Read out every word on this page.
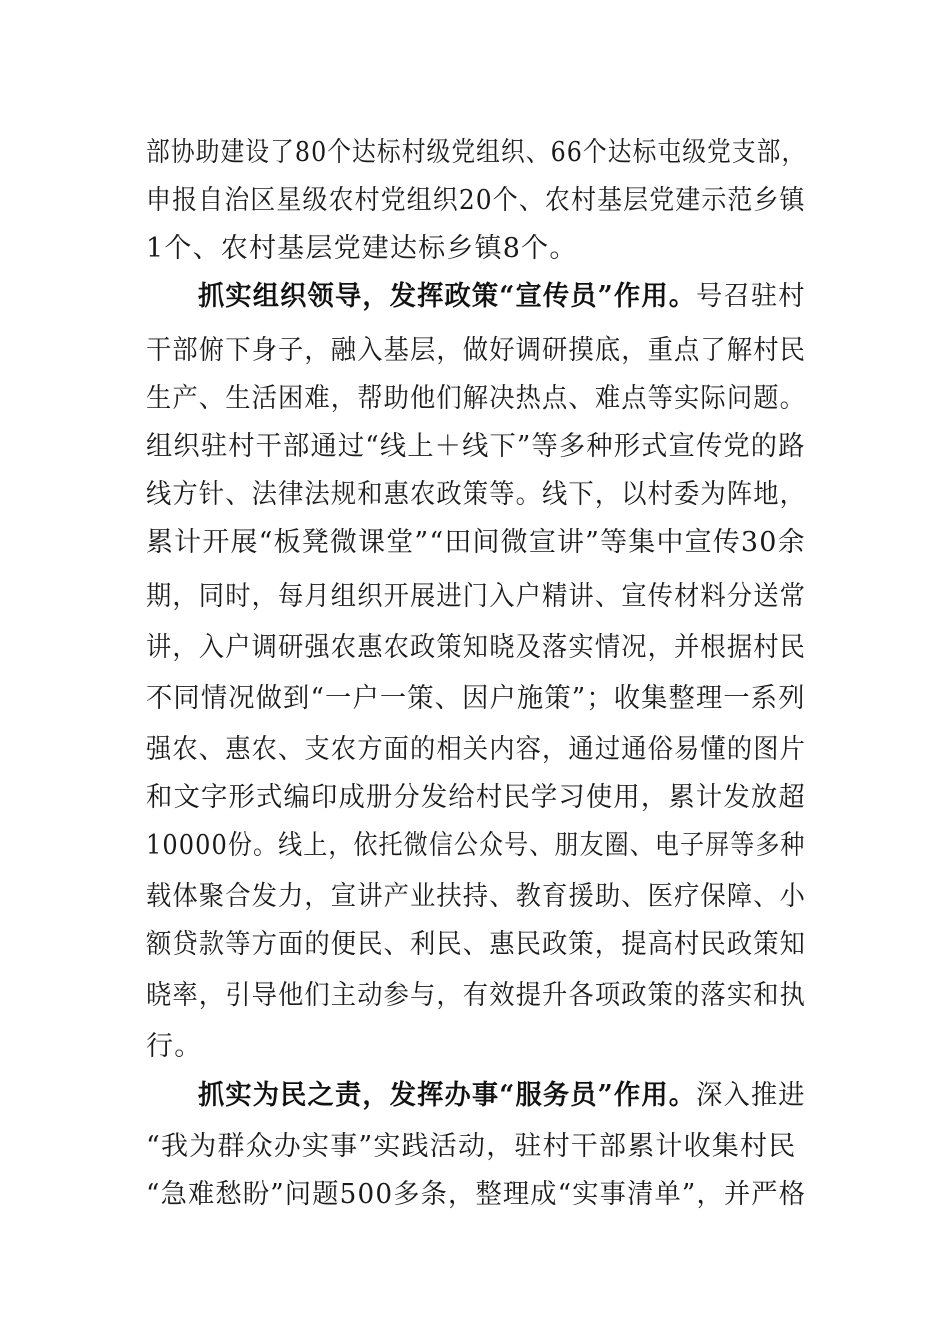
部协助建设了80个达标村级党组织、66个达标屯级党支部，
申报自治区星级农村党组织20个、农村基层党建示范乡镇
1个、农村基层党建达标乡镇8个。
抓实组织领导，发挥政策“宣传员”作用。号召驻村
干部俯下身子，融入基层，做好调研摸底，重点了解村民
生产、生活困难，帮助他们解决热点、难点等实际问题。
组织驻村干部通过“线上＋线下”等多种形式宣传党的路
线方针、法律法规和惠农政策等。线下，以村委为阵地，
累计开展“板凳微课堂”“田间微宣讲”等集中宣传30余
期，同时，每月组织开展进门入户精讲、宣传材料分送常
讲，入户调研强农惠农政策知晓及落实情况，并根据村民
不同情况做到“一户一策、因户施策”；收集整理一系列
强农、惠农、支农方面的相关内容，通过通俗易懂的图片
和文字形式编印成册分发给村民学习使用，累计发放超
10000份。线上，依托微信公众号、朋友圈、电子屏等多种
载体聚合发力，宣讲产业扶持、教育援助、医疗保障、小
额贷款等方面的便民、利民、惠民政策，提高村民政策知
晓率，引导他们主动参与，有效提升各项政策的落实和执
行。
抓实为民之责，发挥办事“服务员”作用。深入推进
“我为群众办实事”实践活动，驻村干部累计收集村民
“急难愁盼”问题500多条，整理成“实事清单”，并严格
